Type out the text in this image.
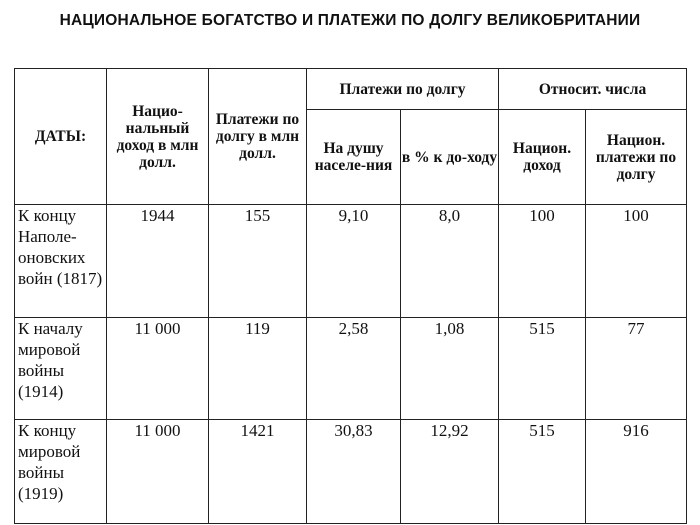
НАЦИОНАЛЬНОЕ БОГАТСТВО И ПЛАТЕЖИ ПО ДОЛГУ ВЕЛИКОБРИТАНИИ
ДАТЫ:	Нацио-нальный доход в млн долл.	Платежи по долгу в млн долл.	Платежи по долгу		Относит. числа	
			На душу населе-ния	в % к до-ходу	Национ. доход	Национ. платежи по долгу
К концу Наполе-оновских войн (1817)	1944	155	9,10	8,0	100	100
К началу мировой войны (1914)	11 000	119	2,58	1,08	515	77
К концу мировой войны (1919)	11 000	1421	30,83	12,92	515	916
